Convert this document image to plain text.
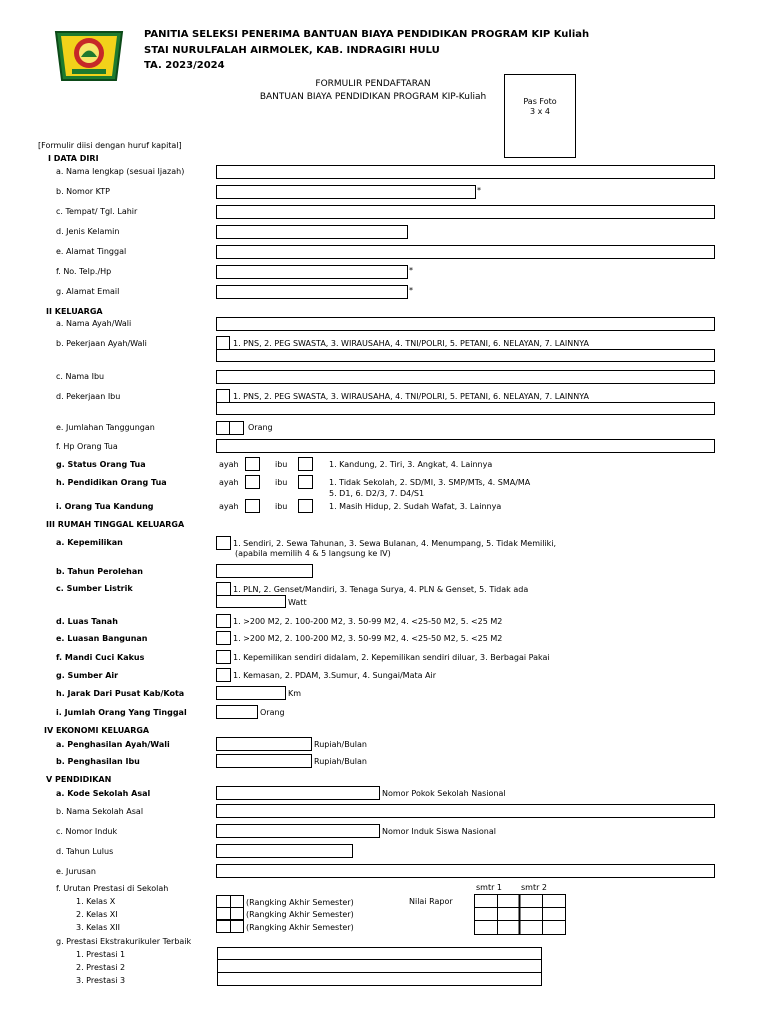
PANITIA SELEKSI PENERIMA BANTUAN BIAYA PENDIDIKAN PROGRAM KIP Kuliah
STAI NURULFALAH AIRMOLEK, KAB. INDRAGIRI HULU
TA. 2023/2024
FORMULIR PENDAFTARAN
BANTUAN BIAYA PENDIDIKAN PROGRAM KIP-Kuliah	Pas Foto
3 x 4
[Formulir diisi dengan huruf kapital]
I DATA DIRI
a. Nama lengkap (sesuai Ijazah)
b. Nomor KTP	*
c. Tempat/ Tgl. Lahir
d. Jenis Kelamin
e. Alamat Tinggal
f. No. Telp./Hp	*
g. Alamat Email	*
II KELUARGA
a. Nama Ayah/Wali
b. Pekerjaan Ayah/Wali	1. PNS, 2. PEG SWASTA, 3. WIRAUSAHA, 4. TNI/POLRI, 5. PETANI, 6. NELAYAN, 7. LAINNYA
c. Nama Ibu
d. Pekerjaan Ibu	1. PNS, 2. PEG SWASTA, 3. WIRAUSAHA, 4. TNI/POLRI, 5. PETANI, 6. NELAYAN, 7. LAINNYA
e. Jumlahan Tanggungan	Orang
f. Hp Orang Tua
g. Status Orang Tua	ayah	ibu	1. Kandung, 2. Tiri, 3. Angkat, 4. Lainnya
h. Pendidikan Orang Tua	ayah	ibu	1. Tidak Sekolah, 2. SD/MI, 3. SMP/MTs, 4. SMA/MA
5. D1, 6. D2/3, 7. D4/S1
i. Orang Tua Kandung	ayah	ibu	1. Masih Hidup, 2. Sudah Wafat, 3. Lainnya
III RUMAH TINGGAL KELUARGA
a. Kepemilikan	1. Sendiri, 2. Sewa Tahunan, 3. Sewa Bulanan, 4. Menumpang, 5. Tidak Memiliki,
(apabila memilih 4 & 5 langsung ke IV)
b. Tahun Perolehan
c. Sumber Listrik	1. PLN, 2. Genset/Mandiri, 3. Tenaga Surya, 4. PLN & Genset, 5. Tidak ada
Watt
d. Luas Tanah	1. >200 M2, 2. 100-200 M2, 3. 50-99 M2, 4. <25-50 M2, 5. <25 M2
e. Luasan Bangunan	1. >200 M2, 2. 100-200 M2, 3. 50-99 M2, 4. <25-50 M2, 5. <25 M2
f. Mandi Cuci Kakus	1. Kepemilikan sendiri didalam, 2. Kepemilikan sendiri diluar, 3. Berbagai Pakai
g. Sumber Air	1. Kemasan, 2. PDAM, 3.Sumur, 4. Sungai/Mata Air
h. Jarak Dari Pusat Kab/Kota	Km
i. Jumlah Orang Yang Tinggal	Orang
IV EKONOMI KELUARGA
a. Penghasilan Ayah/Wali	Rupiah/Bulan
b. Penghasilan Ibu	Rupiah/Bulan
V PENDIDIKAN
a. Kode Sekolah Asal	Nomor Pokok Sekolah Nasional
b. Nama Sekolah Asal
c. Nomor Induk	Nomor Induk Siswa Nasional
d. Tahun Lulus
e. Jurusan
f. Urutan Prestasi di Sekolah	smtr 1 smtr 2
1. Kelas X	(Rangking Akhir Semester)
2. Kelas XI	(Rangking Akhir Semester)
3. Kelas XII	(Rangking Akhir Semester)
Nilai Rapor
g. Prestasi Ekstrakurikuler Terbaik
1. Prestasi 1
2. Prestasi 2
3. Prestasi 3
